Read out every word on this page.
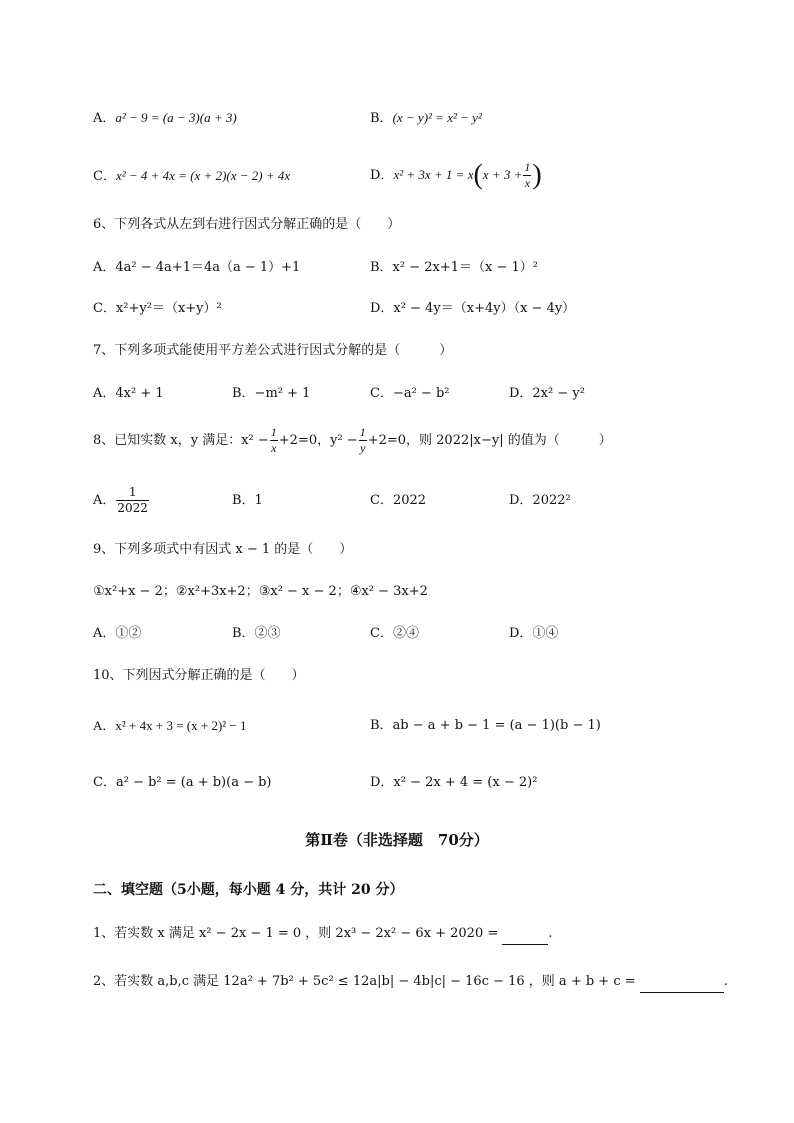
A．a² − 9 = (a − 3)(a + 3)	B．(x − y)² = x² − y²
C．x² − 4 + 4x = (x + 2)(x − 2) + 4x	D．$x^2 + 3x + 1 = x(x + 3 + \frac{1}{x}$ )
6、下列各式从左到右进行因式分解正确的是（　　）
A．4a² − 4a+1＝4a（a − 1）+1	B．x² − 2x+1＝（x − 1）²
C．x²+y²＝（x+y）²	D．x² − 4y＝（x+4y）（x − 4y）
7、下列多项式能使用平方差公式进行因式分解的是（　　　）
A．4x² + 1	B．−m² + 1	C．−a² − b²	D．2x² − y²
8、已知实数 x，y 满足：$x^2 - \frac{1}{x} +2=0$，$y^2 - \frac{1}{y} +2=0$，则 2022|x−y| 的值为（　　　）
A． $\frac{1}{2022}$	B．1	C．2022	D．2022²
9、下列多项式中有因式 x − 1 的是（　　）
①x²+x − 2；②x²+3x+2；③x² − x − 2；④x² − 3x+2
A．①②	B．②③	C．②④	D．①④
10、下列因式分解正确的是（　　）
A．x² + 4x + 3 = (x + 2)² − 1	B．ab − a + b − 1 = (a − 1)(b − 1)
C．a² − b² = (a + b)(a − b)	D．x² − 2x + 4 = (x − 2)²
第Ⅱ卷（非选择题　70分）
二、填空题（5小题，每小题 4 分，共计 20 分）
1、若实数 x 满足 x² − 2x − 1 = 0 ，则 2x³ − 2x² − 6x + 2020 =	.
2、若实数 a,b,c 满足 12a² + 7b² + 5c² ≤ 12a|b| − 4b|c| − 16c − 16 ，则 a + b + c =	.
